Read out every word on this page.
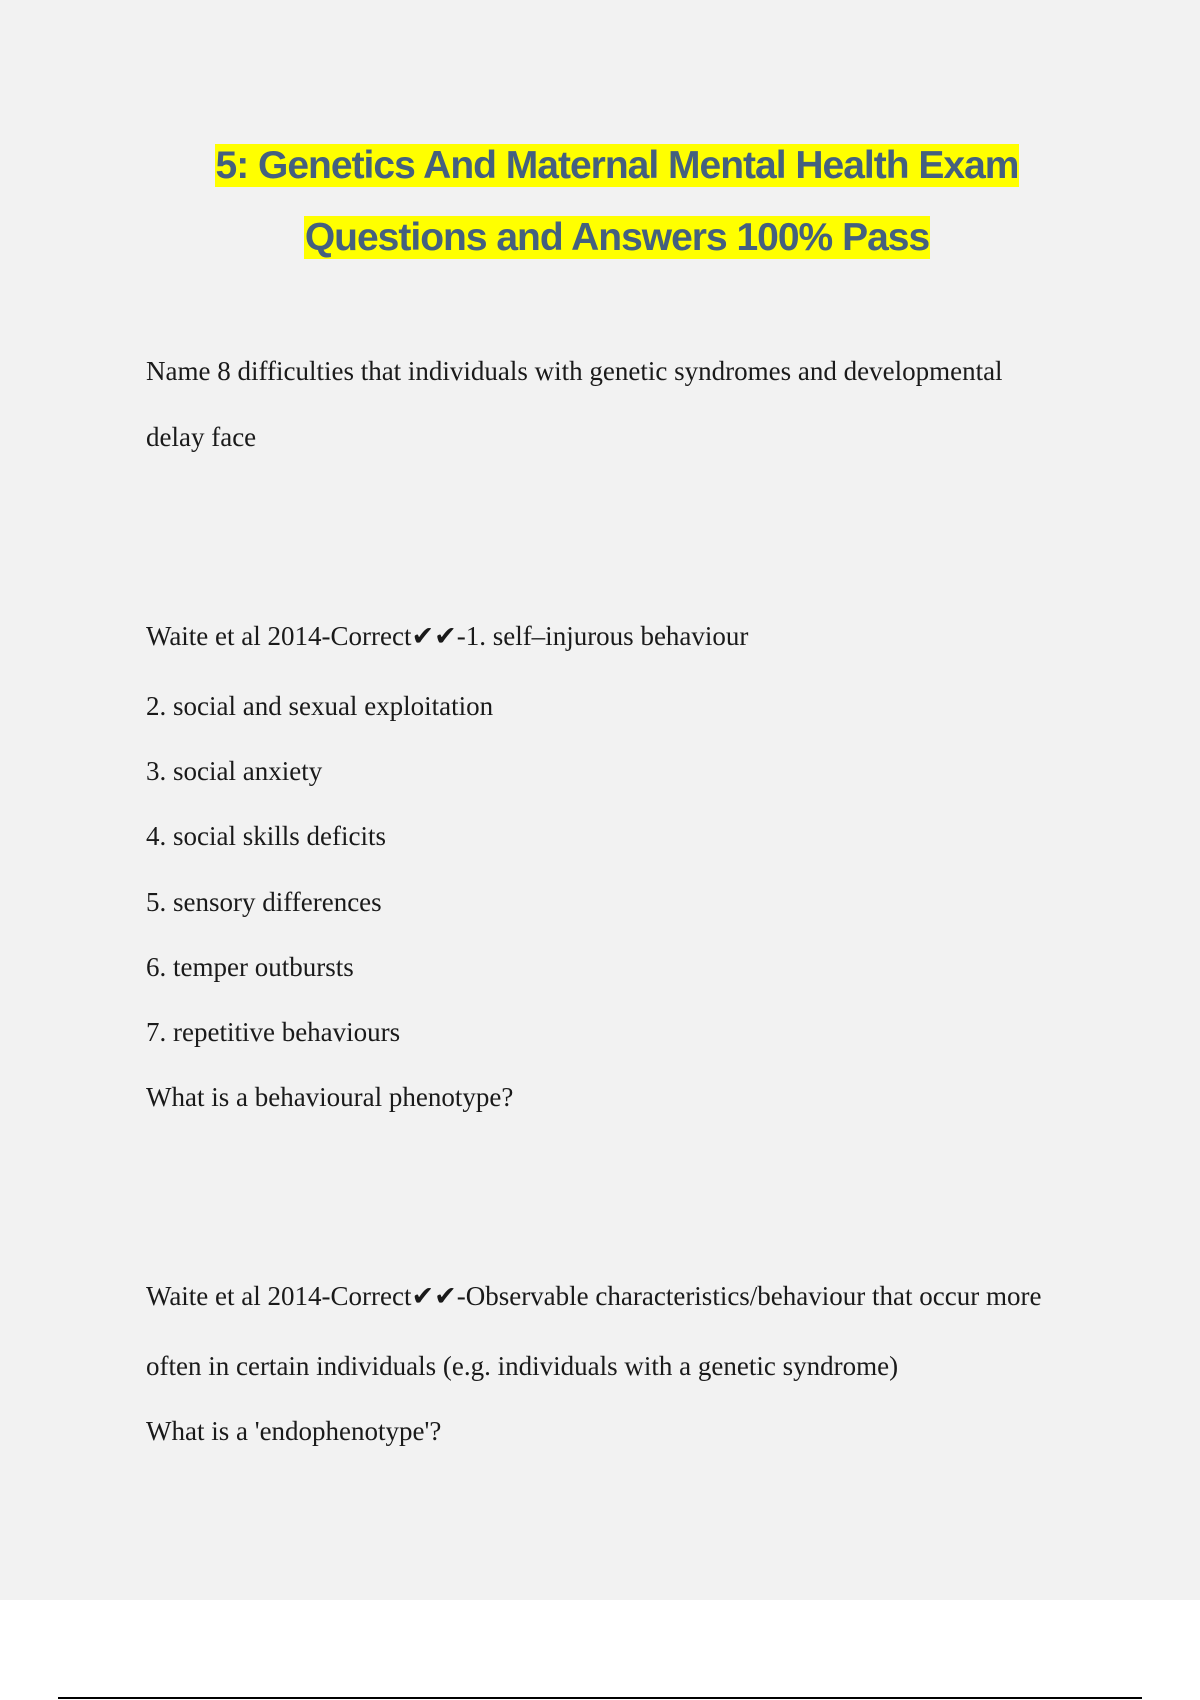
5: Genetics And Maternal Mental Health Exam
Questions and Answers 100% Pass
Name 8 difficulties that individuals with genetic syndromes and developmental
delay face
Waite et al 2014-Correct✔✔-1. self–injurous behaviour
2. social and sexual exploitation
3. social anxiety
4. social skills deficits
5. sensory differences
6. temper outbursts
7. repetitive behaviours
What is a behavioural phenotype?
Waite et al 2014-Correct✔✔-Observable characteristics/behaviour that occur more
often in certain individuals (e.g. individuals with a genetic syndrome)
What is a 'endophenotype'?
